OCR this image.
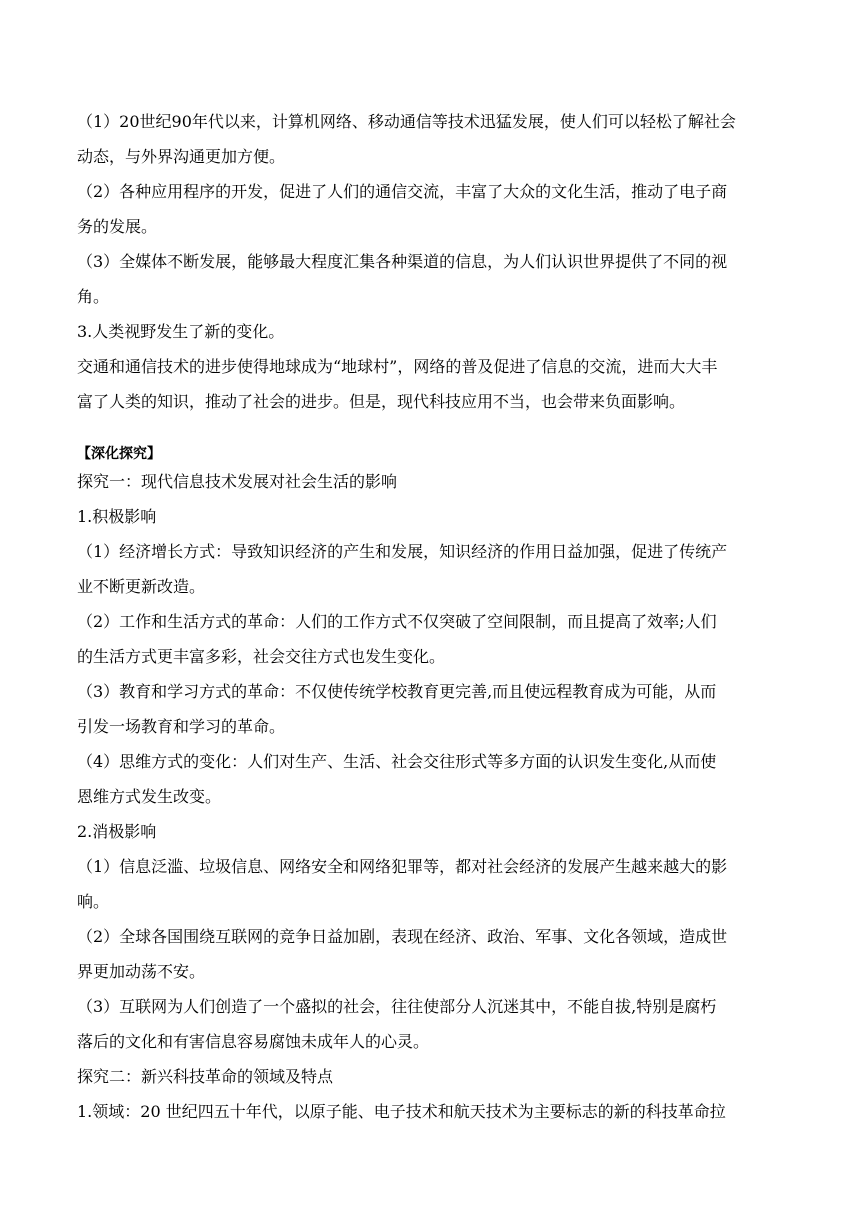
（1）20世纪90年代以来，计算机网络、移动通信等技术迅猛发展，使人们可以轻松了解社会
动态，与外界沟通更加方便。
（2）各种应用程序的开发，促进了人们的通信交流，丰富了大众的文化生活，推动了电子商
务的发展。
（3）全媒体不断发展，能够最大程度汇集各种渠道的信息，为人们认识世界提供了不同的视
角。
3.人类视野发生了新的变化。
交通和通信技术的进步使得地球成为“地球村”，网络的普及促进了信息的交流，进而大大丰
富了人类的知识，推动了社会的进步。但是，现代科技应用不当，也会带来负面影响。
【深化探究】
探究一：现代信息技术发展对社会生活的影响
1.积极影响
（1）经济增长方式：导致知识经济的产生和发展，知识经济的作用日益加强，促进了传统产
业不断更新改造。
（2）工作和生活方式的革命：人们的工作方式不仅突破了空间限制，而且提高了效率;人们
的生活方式更丰富多彩，社会交往方式也发生变化。
（3）教育和学习方式的革命：不仅使传统学校教育更完善,而且使远程教育成为可能，从而
引发一场教育和学习的革命。
（4）思维方式的变化：人们对生产、生活、社会交往形式等多方面的认识发生变化,从而使
恩维方式发生改变。
2.消极影响
（1）信息泛滥、垃圾信息、网络安全和网络犯罪等，都对社会经济的发展产生越来越大的影
响。
（2）全球各国围绕互联网的竞争日益加剧，表现在经济、政治、军事、文化各领域，造成世
界更加动荡不安。
（3）互联网为人们创造了一个盛拟的社会，往往使部分人沉迷其中，不能自拔,特别是腐朽
落后的文化和有害信息容易腐蚀未成年人的心灵。
探究二：新兴科技革命的领域及特点
1.领域：20 世纪四五十年代，以原子能、电子技术和航天技术为主要标志的新的科技革命拉
